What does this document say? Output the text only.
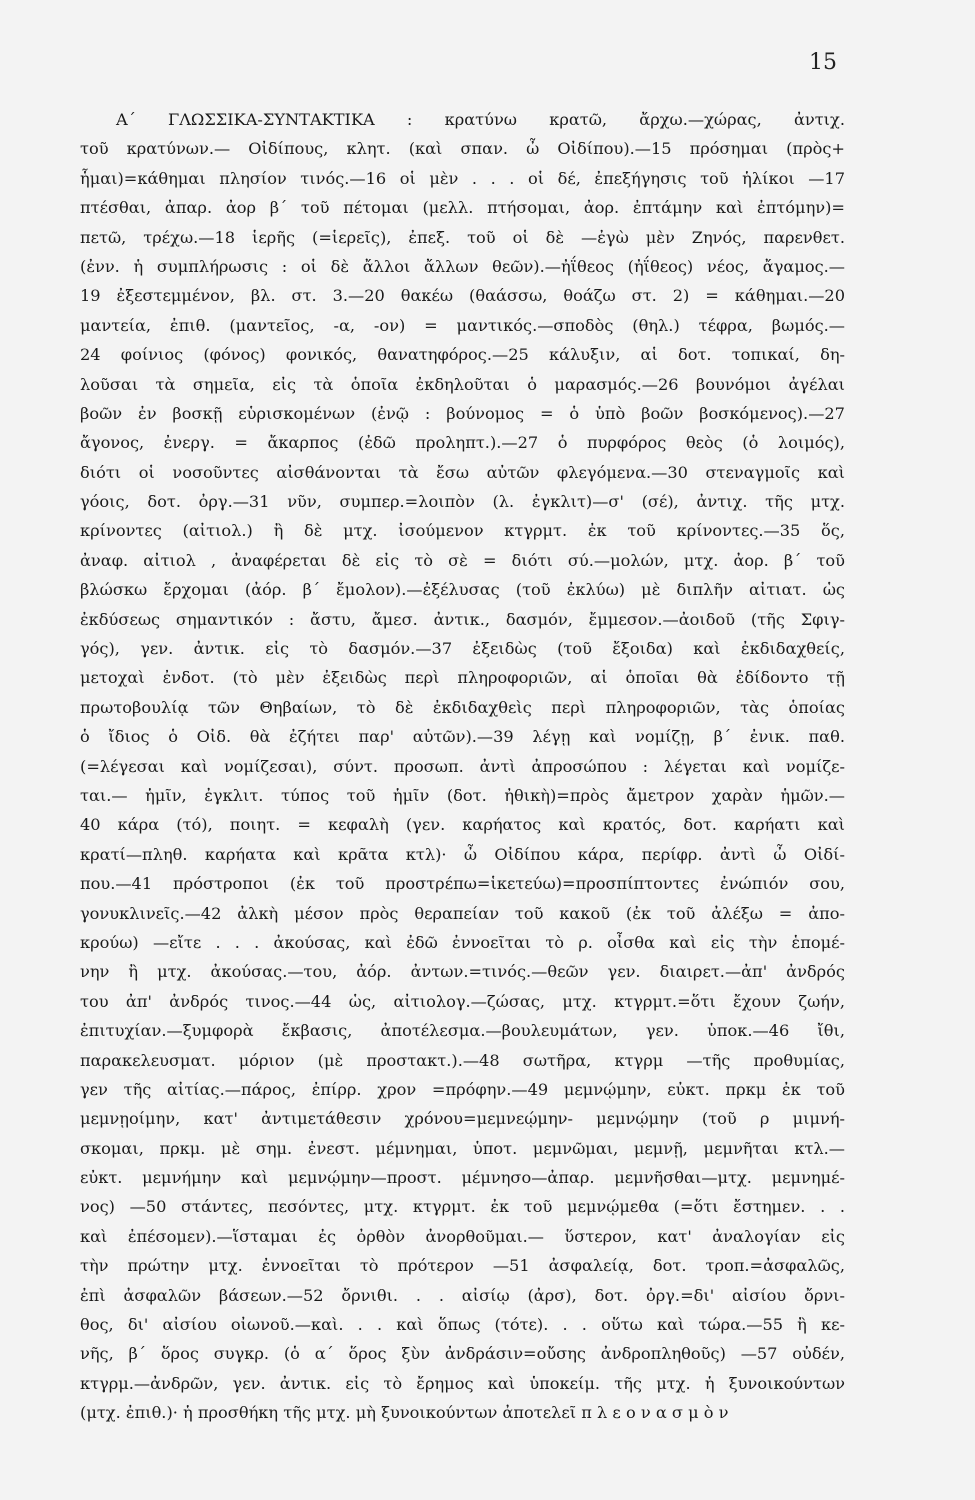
15
Α΄ ΓΛΩΣΣΙΚΑ-ΣΥΝΤΑΚΤΙΚΑ : κρατύνω κρατῶ, ἄρχω.—χώρας, ἀντιχ.
τοῦ κρατύνων.— Οἰδίπους, κλητ. (καὶ σπαν. ὦ Οἰδίπου).—15 πρόσημαι (πρὸς+
ἧμαι)=κάθημαι πλησίον τινός.—16 οἱ μὲν . . . οἱ δέ, ἐπεξήγησις τοῦ ἡλίκοι —17
πτέσθαι, ἀπαρ. ἀορ β΄ τοῦ πέτομαι (μελλ. πτήσομαι, ἀορ. ἐπτάμην καὶ ἐπτόμην)=
πετῶ, τρέχω.—18 ἱερῆς (=ἱερεῖς), ἐπεξ. τοῦ οἱ δὲ —ἐγὼ μὲν Ζηνός, παρενθετ.
(ἐνν. ἡ συμπλήρωσις : οἱ δὲ ἄλλοι ἄλλων θεῶν).—ἠΐθεος (ἠΐθεος) νέος, ἄγαμος.—
19 ἐξεστεμμένον, βλ. στ. 3.—20 θακέω (θαάσσω, θοάζω στ. 2) = κάθημαι.—20
μαντεία, ἐπιθ. (μαντεῖος, -α, -ον) = μαντικός.—σποδὸς (θηλ.) τέφρα, βωμός.—
24 φοίνιος (φόνος) φονικός, θανατηφόρος.—25 κάλυξιν, αἱ δοτ. τοπικαί, δη-
λοῦσαι τὰ σημεῖα, εἰς τὰ ὁποῖα ἐκδηλοῦται ὁ μαρασμός.—26 βουνόμοι ἀγέλαι
βοῶν ἐν βοσκῇ εὑρισκομένων (ἐνῷ : βούνομος = ὁ ὑπὸ βοῶν βοσκόμενος).—27
ἄγονος, ἐνεργ. = ἄκαρπος (ἐδῶ προληπτ.).—27 ὁ πυρφόρος θεὸς (ὁ λοιμός),
διότι οἱ νοσοῦντες αἰσθάνονται τὰ ἔσω αὐτῶν φλεγόμενα.—30 στεναγμοῖς καὶ
γόοις, δοτ. ὀργ.—31 νῦν, συμπερ.=λοιπὸν (λ. ἐγκλιτ)—σ' (σέ), ἀντιχ. τῆς μτχ.
κρίνοντες (αἰτιολ.) ἢ δὲ μτχ. ἰσούμενον κτγρμτ. ἐκ τοῦ κρίνοντες.—35 ὅς,
ἀναφ. αἰτιολ , ἀναφέρεται δὲ εἰς τὸ σὲ = διότι σύ.—μολών, μτχ. ἀορ. β΄ τοῦ
βλώσκω ἔρχομαι (ἀόρ. β΄ ἔμολον).—ἐξέλυσας (τοῦ ἐκλύω) μὲ διπλῆν αἰτιατ. ὡς
ἐκδύσεως σημαντικόν : ἄστυ, ἄμεσ. ἀντικ., δασμόν, ἔμμεσον.—ἀοιδοῦ (τῆς Σφιγ-
γός), γεν. ἀντικ. εἰς τὸ δασμόν.—37 ἐξειδὼς (τοῦ ἔξοιδα) καὶ ἐκδιδαχθείς,
μετοχαὶ ἐνδοτ. (τὸ μὲν ἐξειδὼς περὶ πληροφοριῶν, αἱ ὁποῖαι θὰ ἐδίδοντο τῇ
πρωτοβουλίᾳ τῶν Θηβαίων, τὸ δὲ ἐκδιδαχθεὶς περὶ πληροφοριῶν, τὰς ὁποίας
ὁ ἴδιος ὁ Οἰδ. θὰ ἐζήτει παρ' αὐτῶν).—39 λέγῃ καὶ νομίζῃ, β΄ ἐνικ. παθ.
(=λέγεσαι καὶ νομίζεσαι), σύντ. προσωπ. ἀντὶ ἀπροσώπου : λέγεται καὶ νομίζε-
ται.— ἡμῖν, ἐγκλιτ. τύπος τοῦ ἡμῖν (δοτ. ἠθικὴ)=πρὸς ἄμετρον χαρὰν ἡμῶν.—
40 κάρα (τό), ποιητ. = κεφαλὴ (γεν. καρήατος καὶ κρατός, δοτ. καρήατι καὶ
κρατί—πληθ. καρήατα καὶ κρᾶτα κτλ)· ὦ Οἰδίπου κάρα, περίφρ. ἀντὶ ὦ Οἰδί-
που.—41 πρόστροποι (ἐκ τοῦ προστρέπω=ἱκετεύω)=προσπίπτοντες ἐνώπιόν σου,
γονυκλινεῖς.—42 ἀλκὴ μέσον πρὸς θεραπείαν τοῦ κακοῦ (ἐκ τοῦ ἀλέξω = ἀπο-
κρούω) —εἴτε . . . ἀκούσας, καὶ ἐδῶ ἐννοεῖται τὸ ρ. οἶσθα καὶ εἰς τὴν ἑπομέ-
νην ἢ μτχ. ἀκούσας.—του, ἀόρ. ἀντων.=τινός.—θεῶν γεν. διαιρετ.—ἀπ' ἀνδρός
του ἀπ' ἀνδρός τινος.—44 ὡς, αἰτιολογ.—ζώσας, μτχ. κτγρμτ.=ὅτι ἔχουν ζωήν,
ἐπιτυχίαν.—ξυμφορὰ ἔκβασις, ἀποτέλεσμα.—βουλευμάτων, γεν. ὑποκ.—46 ἴθι,
παρακελευσματ. μόριον (μὲ προστακτ.).—48 σωτῆρα, κτγρμ —τῆς προθυμίας,
γεν τῆς αἰτίας.—πάρος, ἐπίρρ. χρον =πρόφην.—49 μεμνῴμην, εὐκτ. πρκμ ἐκ τοῦ
μεμνῃοίμην, κατ' ἀντιμετάθεσιν χρόνου=μεμνεῴμην- μεμνῴμην (τοῦ ρ μιμνή-
σκομαι, πρκμ. μὲ σημ. ἐνεστ. μέμνημαι, ὑποτ. μεμνῶμαι, μεμνῇ, μεμνῆται κτλ.—
εὐκτ. μεμνήμην καὶ μεμνῴμην—προστ. μέμνησο—ἀπαρ. μεμνῆσθαι—μτχ. μεμνημέ-
νος) —50 στάντες, πεσόντες, μτχ. κτγρμτ. ἐκ τοῦ μεμνῴμεθα (=ὅτι ἔστημεν. . .
καὶ ἐπέσομεν).—ἵσταμαι ἐς ὀρθὸν ἀνορθοῦμαι.— ὕστερον, κατ' ἀναλογίαν εἰς
τὴν πρώτην μτχ. ἐννοεῖται τὸ πρότερον —51 ἀσφαλείᾳ, δοτ. τροπ.=ἀσφαλῶς,
ἐπὶ ἀσφαλῶν βάσεων.—52 ὄρνιθι. . . αἰσίῳ (ἀρσ), δοτ. ὀργ.=δι' αἰσίου ὄρνι-
θος, δι' αἰσίου οἰωνοῦ.—καὶ. . . καὶ ὅπως (τότε). . . οὕτω καὶ τώρα.—55 ἢ κε-
νῆς, β΄ ὅρος συγκρ. (ὁ α΄ ὅρος ξὺν ἀνδράσιν=οὔσης ἀνδροπληθοῦς) —57 οὐδέν,
κτγρμ.—ἀνδρῶν, γεν. ἀντικ. εἰς τὸ ἔρημος καὶ ὑποκείμ. τῆς μτχ. ἡ ξυνοικούντων
(μτχ. ἐπιθ.)· ἡ προσθήκη τῆς μτχ. μὴ ξυνοικούντων ἀποτελεῖ π λ ε ο ν α σ μ ὸ ν
